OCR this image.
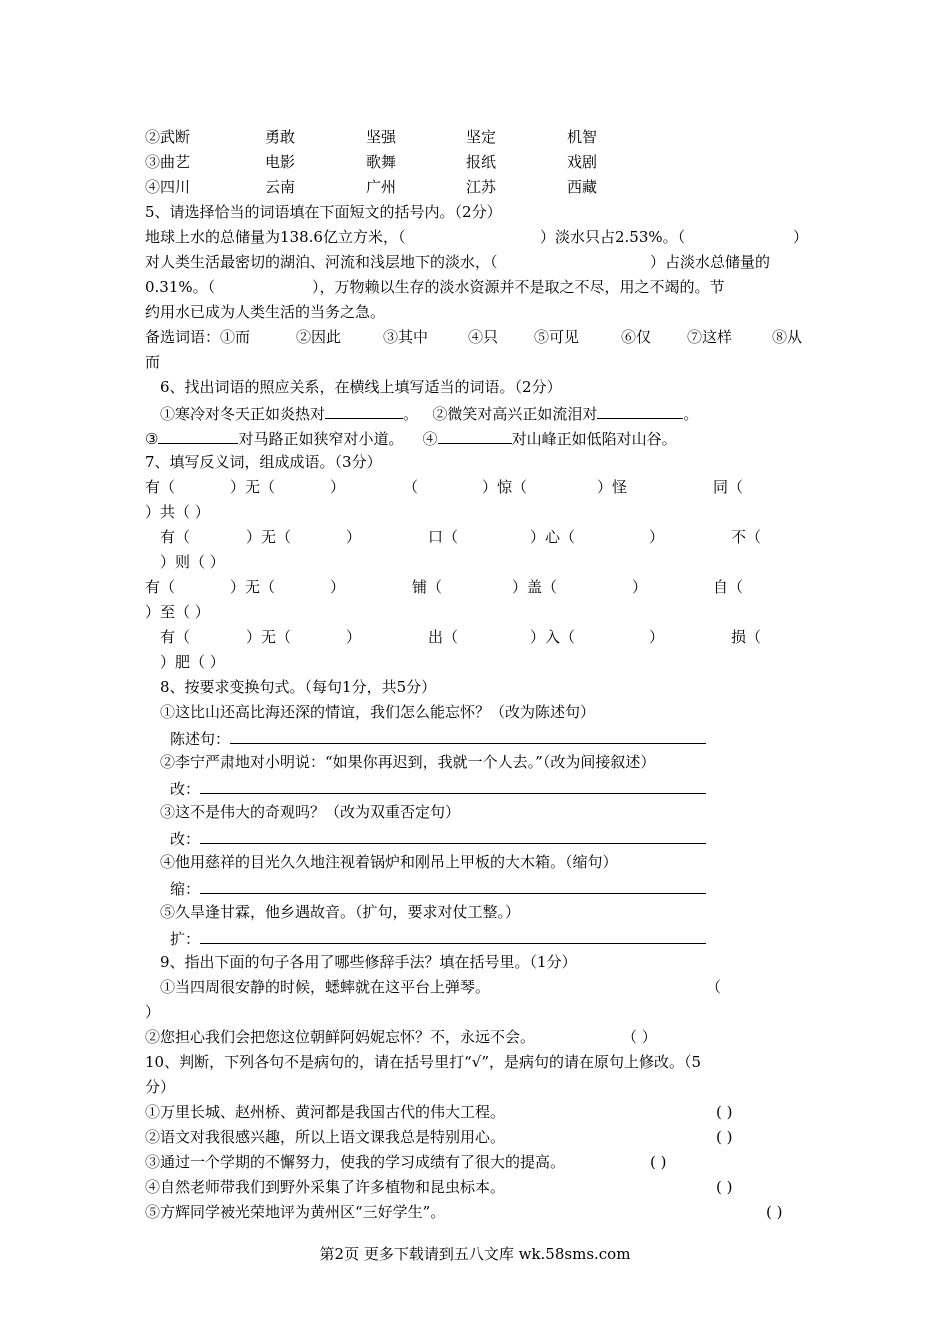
②武断	勇敢	坚强	坚定	机智
③曲艺	电影	歌舞	报纸	戏剧
④四川	云南	广州	江苏	西藏
5、请选择恰当的词语填在下面短文的括号内。（2分）
地球上水的总储量为138.6亿立方米，（	）淡水只占2.53%。（	）
对人类生活最密切的湖泊、河流和浅层地下的淡水，（	）占淡水总储量的
0.31%。（	），万物赖以生存的淡水资源并不是取之不尽，用之不竭的。节
约用水已成为人类生活的当务之急。
备选词语：①而	②因此	③其中	④只 ⑤可见	⑥仅 ⑦这样	⑧从
而
6、找出词语的照应关系，在横线上填写适当的词语。（2分）
①寒冷对冬天正如炎热对	。 ②微笑对高兴正如流泪对	。
③	对马路正如狭窄对小道。 ④	对山峰正如低陷对山谷。
7、填写反义词，组成成语。（3分）
有（	）无（	）	（	）惊（	）怪	同（
）共（ ）
有（	）无（	）	口（	）心（	）	不（
）则（ ）
有（	）无（	）	铺（	）盖（	）	自（
）至（ ）
有（	）无（	）	出（	）入（	）	损（
）肥（ ）
8、按要求变换句式。（每句1分，共5分）
①这比山还高比海还深的情谊，我们怎么能忘怀？（改为陈述句）
陈述句：
②李宁严肃地对小明说：“如果你再迟到，我就一个人去。”（改为间接叙述）
改：
③这不是伟大的奇观吗？（改为双重否定句）
改：
④他用慈祥的目光久久地注视着锅炉和刚吊上甲板的大木箱。（缩句）
缩：
⑤久旱逢甘霖，他乡遇故音。（扩句，要求对仗工整。）
扩：
9、指出下面的句子各用了哪些修辞手法？填在括号里。（1分）
①当四周很安静的时候，蟋蟀就在这平台上弹琴。	（
）
②您担心我们会把您这位朝鲜阿妈妮忘怀？不，永远不会。	（ ）
10、判断，下列各句不是病句的，请在括号里打“√”，是病句的请在原句上修改。（5
分）
①万里长城、赵州桥、黄河都是我国古代的伟大工程。	( )
②语文对我很感兴趣，所以上语文课我总是特别用心。	( )
③通过一个学期的不懈努力，使我的学习成绩有了很大的提高。	( )
④自然老师带我们到野外采集了许多植物和昆虫标本。	( )
⑤方辉同学被光荣地评为黄州区“三好学生”。	( )
第2页 更多下载请到五八文库 wk.58sms.com
